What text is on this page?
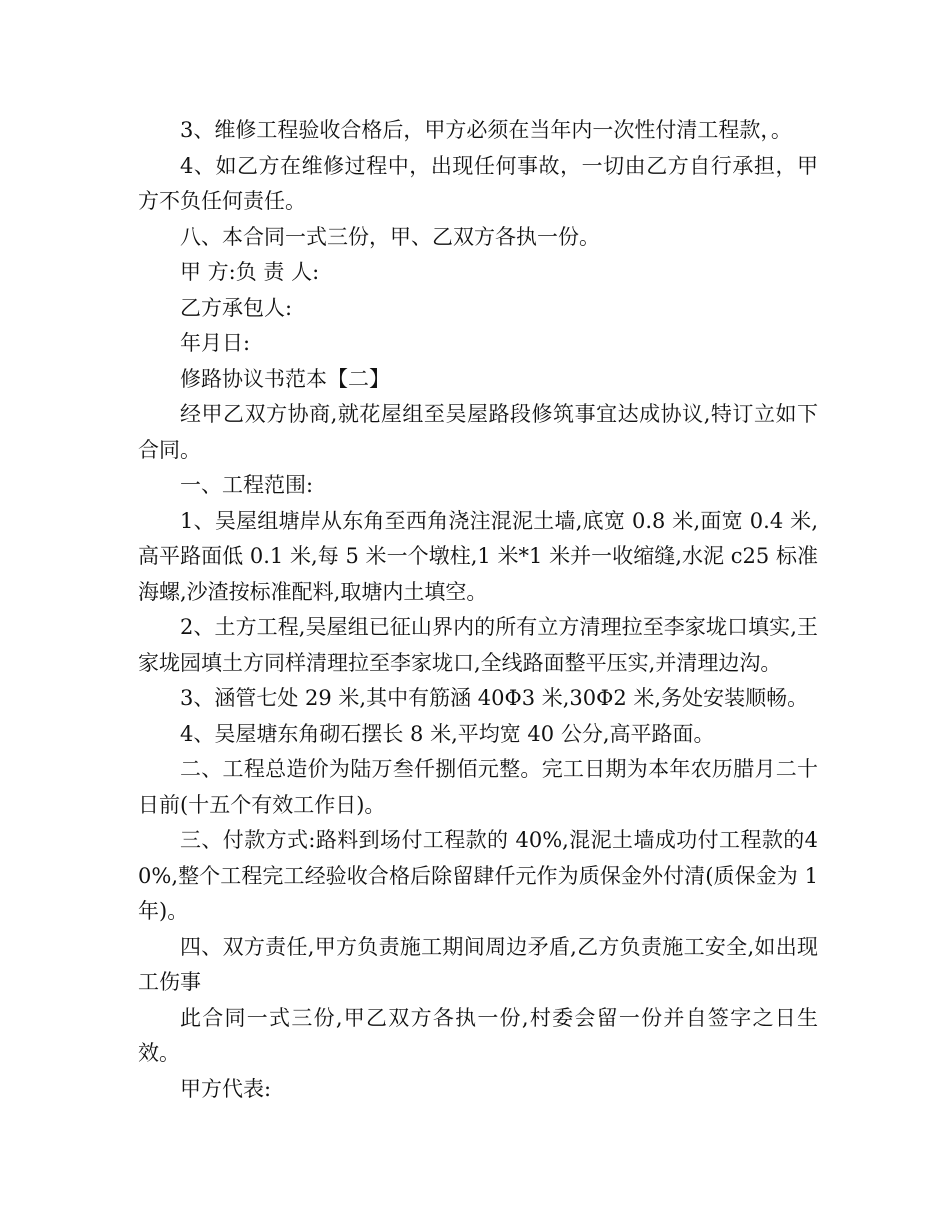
3、维修工程验收合格后，甲方必须在当年内一次性付清工程款，。

4、如乙方在维修过程中，出现任何事故，一切由乙方自行承担，甲方不负任何责任。

八、本合同一式三份，甲、乙双方各执一份。

甲 方:负 责 人:

乙方承包人:

年月日:

修路协议书范本【二】

经甲乙双方协商,就花屋组至吴屋路段修筑事宜达成协议,特订立如下合同。

一、工程范围:

1、吴屋组塘岸从东角至西角浇注混泥土墙,底宽 0.8 米,面宽 0.4 米,高平路面低 0.1 米,每 5 米一个墩柱,1 米*1 米并一收缩缝,水泥 c25 标准海螺,沙渣按标准配料,取塘内土填空。

2、土方工程,吴屋组已征山界内的所有立方清理拉至李家垅口填实,王家垅园填土方同样清理拉至李家垅口,全线路面整平压实,并清理边沟。

3、涵管七处 29 米,其中有筋涵 40Φ3 米,30Φ2 米,务处安装顺畅。

4、吴屋塘东角砌石摆长 8 米,平均宽 40 公分,高平路面。

二、工程总造价为陆万叁仟捌佰元整。完工日期为本年农历腊月二十日前(十五个有效工作日)。

三、付款方式:路料到场付工程款的 40%,混泥土墙成功付工程款的40%,整个工程完工经验收合格后除留肆仟元作为质保金外付清(质保金为 1 年)。

四、双方责任,甲方负责施工期间周边矛盾,乙方负责施工安全,如出现工伤事

此合同一式三份,甲乙双方各执一份,村委会留一份并自签字之日生效。

甲方代表:
